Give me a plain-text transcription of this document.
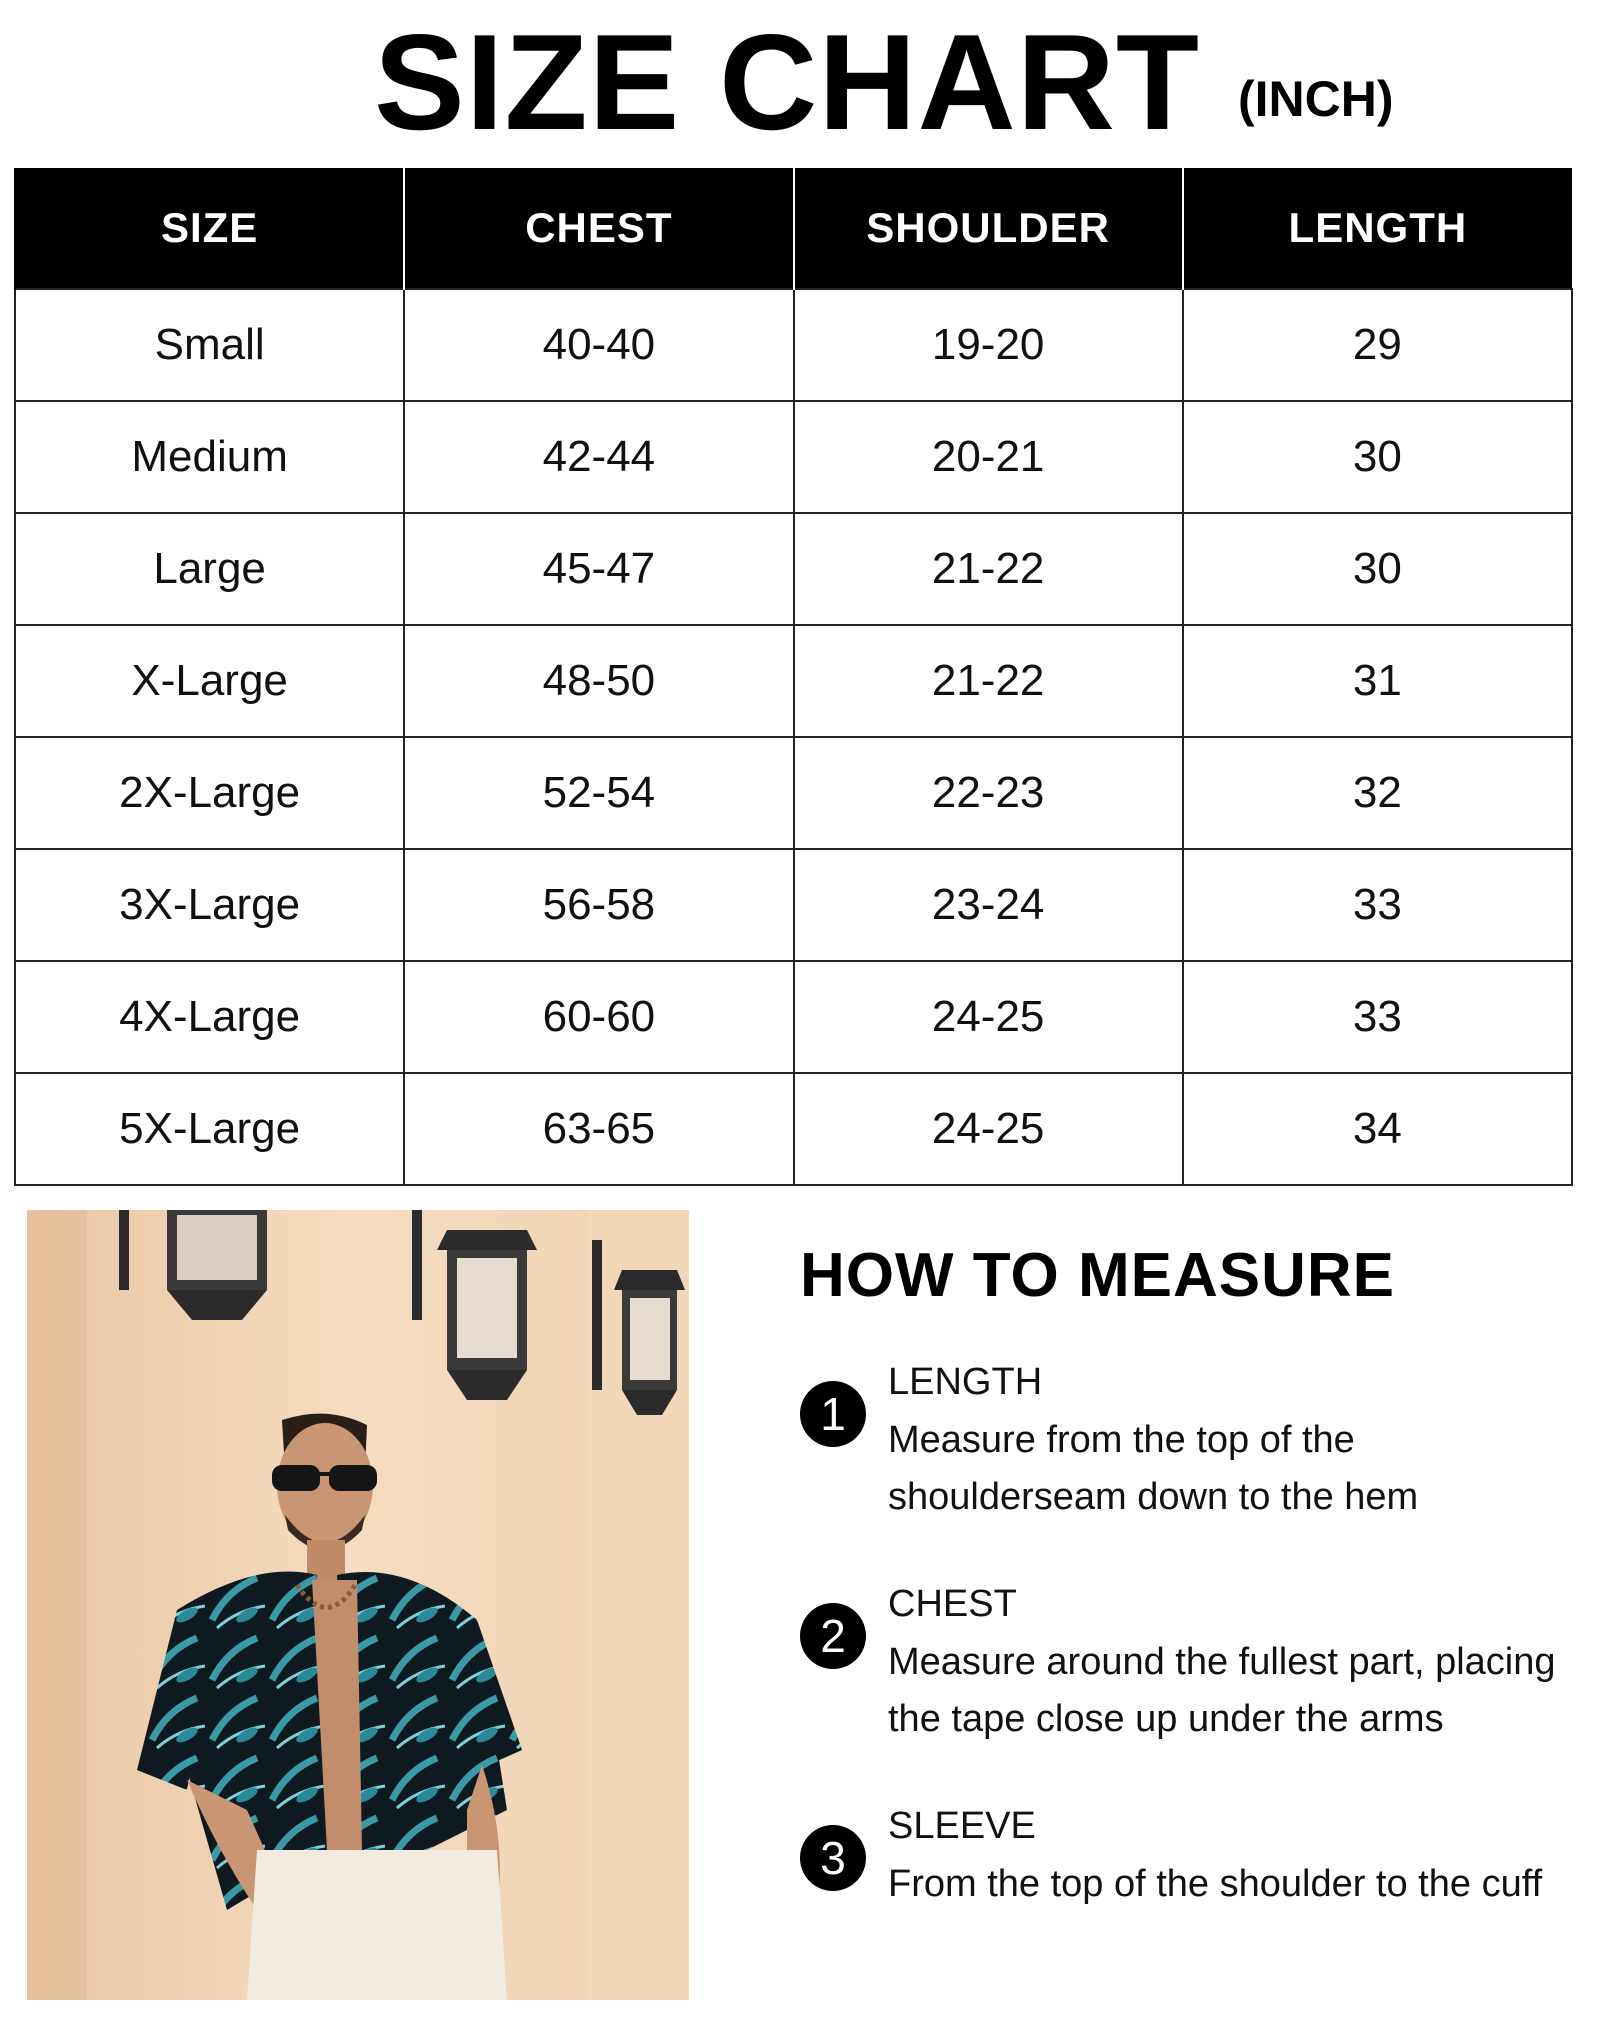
SIZE CHART (INCH)
SIZE	CHEST	SHOULDER	LENGTH
Small	40-40	19-20	29
Medium	42-44	20-21	30
Large	45-47	21-22	30
X-Large	48-50	21-22	31
2X-Large	52-54	22-23	32
3X-Large	56-58	23-24	33
4X-Large	60-60	24-25	33
5X-Large	63-65	24-25	34
HOW TO MEASURE
1
LENGTH
Measure from the top of the
shoulderseam down to the hem
2
CHEST
Measure around the fullest part, placing
the tape close up under the arms
3
SLEEVE
From the top of the shoulder to the cuff
